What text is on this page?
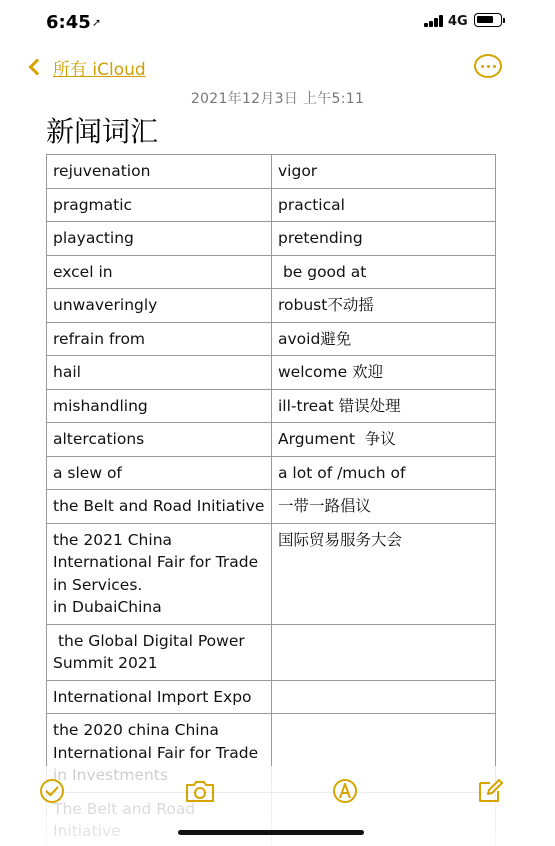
6:45 ➚	4G
所有 iCloud
2021年12月3日 上午5:11
新闻词汇
rejuvenation	vigor
pragmatic	practical
playacting	pretending
excel in	be good at
unwaveringly	robust不动摇
refrain from	avoid避免
hail	welcome 欢迎
mishandling	ill-treat 错误处理
altercations	Argument  争议
a slew of	a lot of /much of
the Belt and Road Initiative	一带一路倡议
the 2021 China International Fair for Trade in Services.
in DubaiChina	国际贸易服务大会
the Global Digital Power Summit 2021	
International Import Expo	
the 2020 china China International Fair for Trade	
